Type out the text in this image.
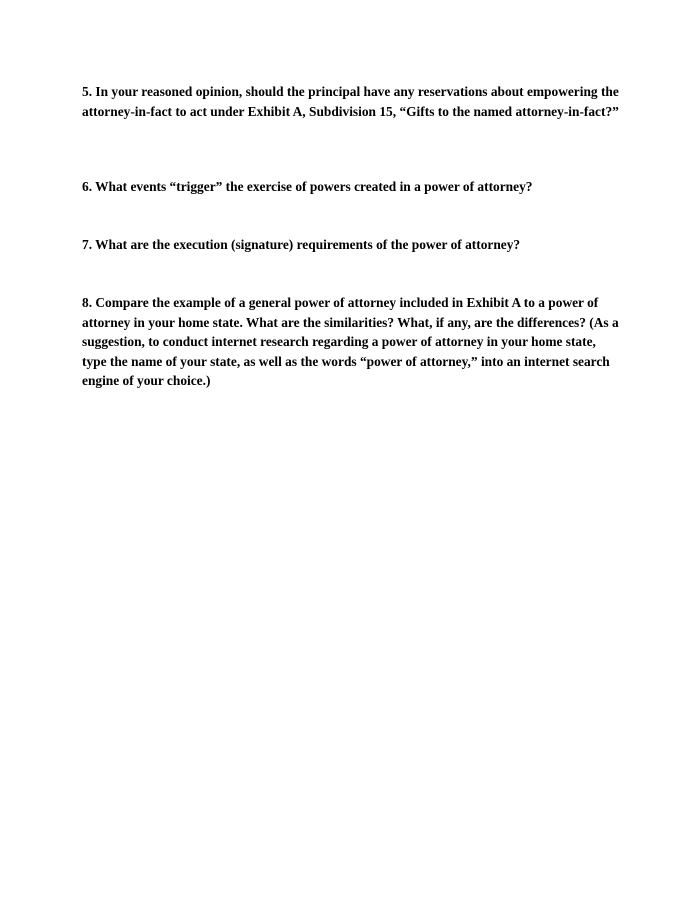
5. In your reasoned opinion, should the principal have any reservations about empowering the attorney-in-fact to act under Exhibit A, Subdivision 15, “Gifts to the named attorney-in-fact?”

6. What events “trigger” the exercise of powers created in a power of attorney?

7. What are the execution (signature) requirements of the power of attorney?

8. Compare the example of a general power of attorney included in Exhibit A to a power of attorney in your home state. What are the similarities? What, if any, are the differences? (As a suggestion, to conduct internet research regarding a power of attorney in your home state, type the name of your state, as well as the words “power of attorney,” into an internet search engine of your choice.)
